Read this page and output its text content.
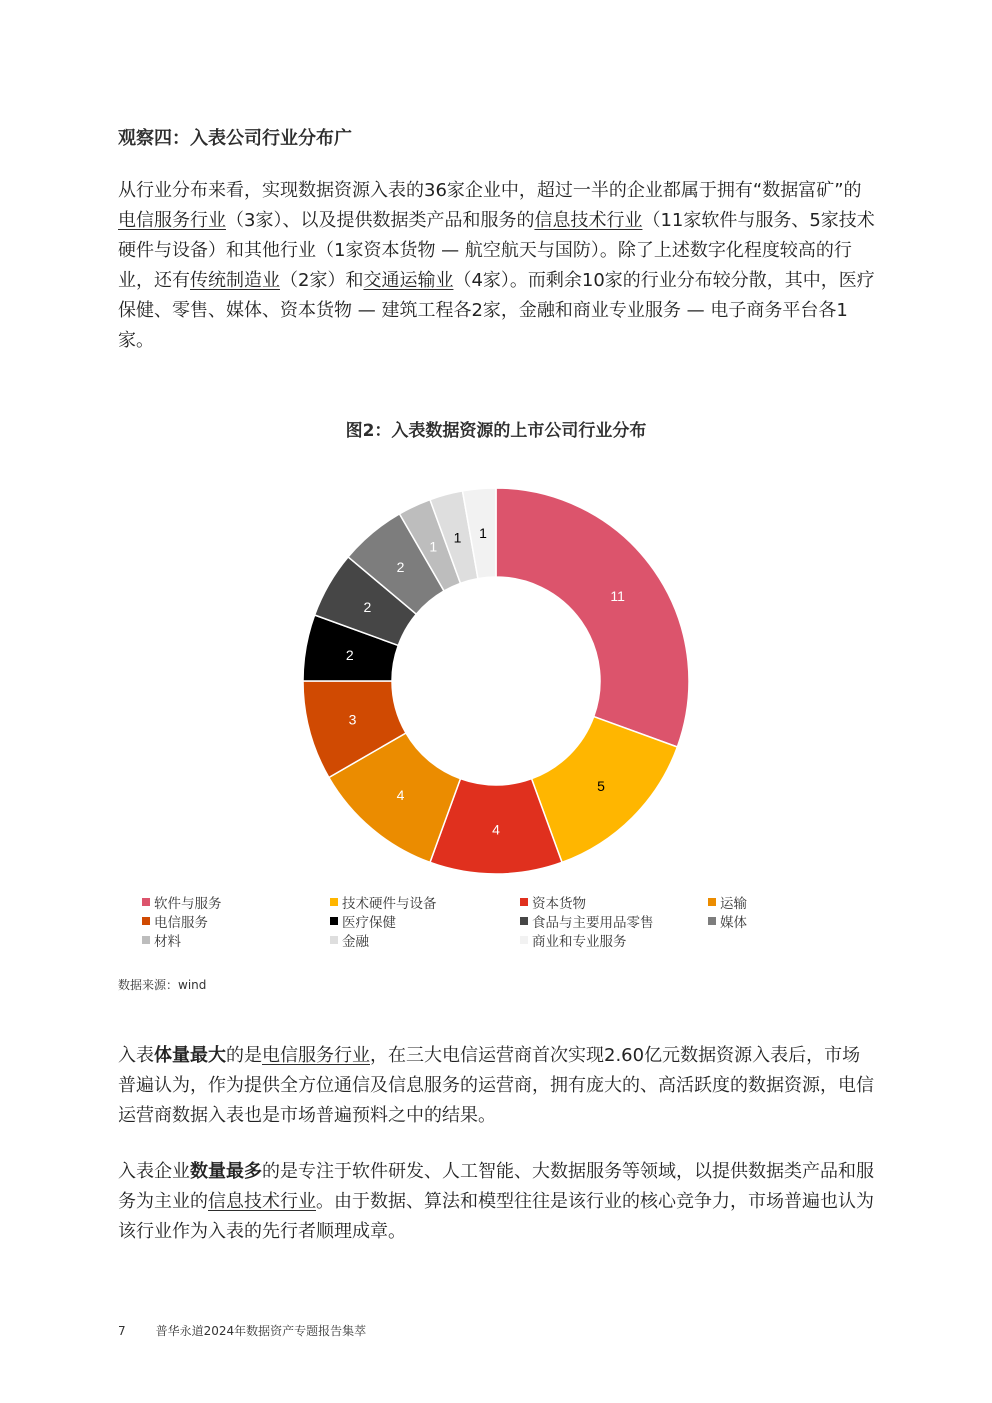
观察四：入表公司行业分布广
从行业分布来看，实现数据资源入表的36家企业中，超过一半的企业都属于拥有“数据富矿”的电信服务行业（3家）、以及提供数据类产品和服务的信息技术行业（11家软件与服务、5家技术硬件与设备）和其他行业（1家资本货物 — 航空航天与国防）。除了上述数字化程度较高的行业，还有传统制造业（2家）和交通运输业（4家）。而剩余10家的行业分布较分散，其中，医疗保健、零售、媒体、资本货物 — 建筑工程各2家，金融和商业专业服务 — 电子商务平台各1家。
图2：入表数据资源的上市公司行业分布
11
5
4
4
3
2
2
2
1
1 1
软件与服务	技术硬件与设备	资本货物	运输
电信服务	医疗保健	食品与主要用品零售	媒体
材料	金融	商业和专业服务
数据来源：wind
入表体量最大的是电信服务行业，在三大电信运营商首次实现2.60亿元数据资源入表后，市场普遍认为，作为提供全方位通信及信息服务的运营商，拥有庞大的、高活跃度的数据资源，电信运营商数据入表也是市场普遍预料之中的结果。
入表企业数量最多的是专注于软件研发、人工智能、大数据服务等领域，以提供数据类产品和服务为主业的信息技术行业。由于数据、算法和模型往往是该行业的核心竞争力，市场普遍也认为该行业作为入表的先行者顺理成章。
7	普华永道2024年数据资产专题报告集萃
